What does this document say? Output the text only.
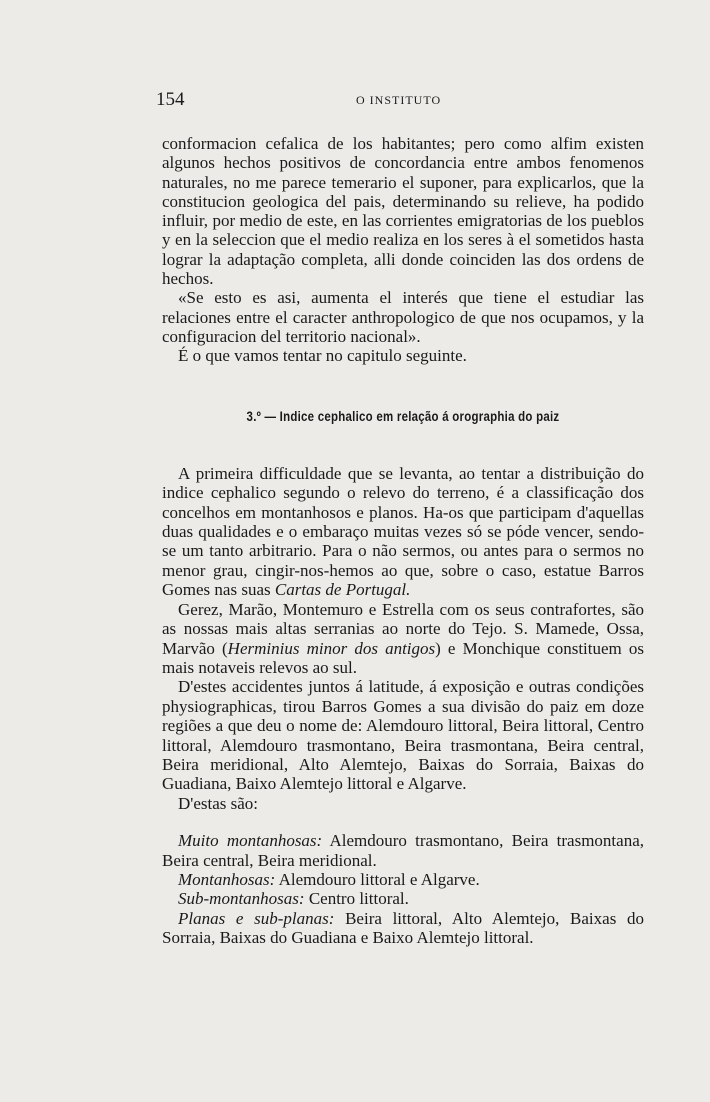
154	O INSTITUTO

conformacion cefalica de los habitantes; pero como alfim existen algunos hechos positivos de concordancia entre ambos fenomenos naturales, no me parece temerario el suponer, para explicarlos, que la constitucion geologica del pais, determinando su relieve, ha podido influir, por medio de este, en las corrientes emigratorias de los pueblos y en la seleccion que el medio realiza en los seres à el sometidos hasta lograr la adaptação completa, alli donde coinciden las dos ordens de hechos.

«Se esto es asi, aumenta el interés que tiene el estudiar las relaciones entre el caracter anthropologico de que nos ocupamos, y la configuracion del territorio nacional».

É o que vamos tentar no capitulo seguinte.

3.º — Indice cephalico em relação á orographia do paiz

A primeira difficuldade que se levanta, ao tentar a distribuição do indice cephalico segundo o relevo do terreno, é a classificação dos concelhos em montanhosos e planos. Ha-os que participam d'aquellas duas qualidades e o embaraço muitas vezes só se póde vencer, sendo-se um tanto arbitrario. Para o não sermos, ou antes para o sermos no menor grau, cingir-nos-hemos ao que, sobre o caso, estatue Barros Gomes nas suas Cartas de Portugal.

Gerez, Marão, Montemuro e Estrella com os seus contrafortes, são as nossas mais altas serranias ao norte do Tejo. S. Mamede, Ossa, Marvão (Herminius minor dos antigos) e Monchique constituem os mais notaveis relevos ao sul.

D'estes accidentes juntos á latitude, á exposição e outras condições physiographicas, tirou Barros Gomes a sua divisão do paiz em doze regiões a que deu o nome de: Alemdouro littoral, Beira littoral, Centro littoral, Alemdouro trasmontano, Beira trasmontana, Beira central, Beira meridional, Alto Alemtejo, Baixas do Sorraia, Baixas do Guadiana, Baixo Alemtejo littoral e Algarve.

D'estas são:

Muito montanhosas: Alemdouro trasmontano, Beira trasmontana, Beira central, Beira meridional.

Montanhosas: Alemdouro littoral e Algarve.

Sub-montanhosas: Centro littoral.

Planas e sub-planas: Beira littoral, Alto Alemtejo, Baixas do Sorraia, Baixas do Guadiana e Baixo Alemtejo littoral.
